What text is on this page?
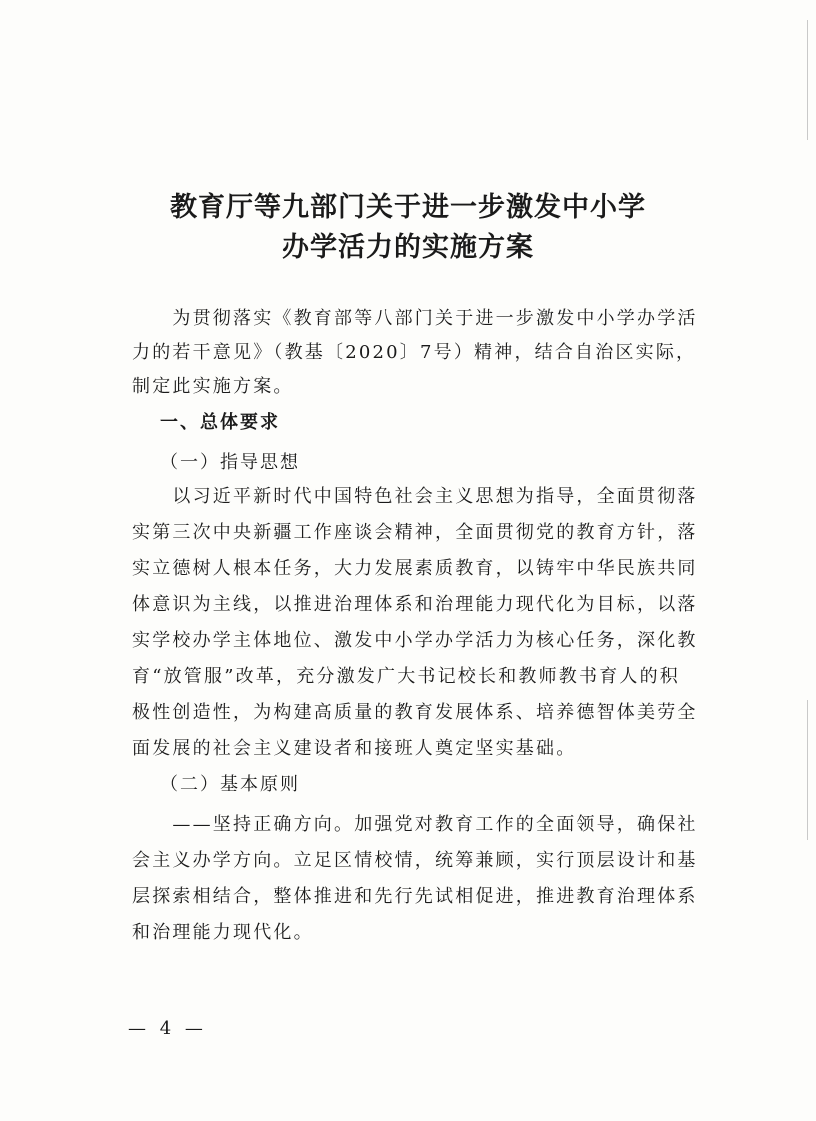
教育厅等九部门关于进一步激发中小学
办学活力的实施方案
　　为贯彻落实《教育部等八部门关于进一步激发中小学办学活
力的若干意见》（教基〔2020〕7号）精神，结合自治区实际，
制定此实施方案。
一、总体要求
（一）指导思想
　　以习近平新时代中国特色社会主义思想为指导，全面贯彻落
实第三次中央新疆工作座谈会精神，全面贯彻党的教育方针，落
实立德树人根本任务，大力发展素质教育，以铸牢中华民族共同
体意识为主线，以推进治理体系和治理能力现代化为目标，以落
实学校办学主体地位、激发中小学办学活力为核心任务，深化教
育“放管服”改革，充分激发广大书记校长和教师教书育人的积
极性创造性，为构建高质量的教育发展体系、培养德智体美劳全
面发展的社会主义建设者和接班人奠定坚实基础。
（二）基本原则
　　——坚持正确方向。加强党对教育工作的全面领导，确保社
会主义办学方向。立足区情校情，统筹兼顾，实行顶层设计和基
层探索相结合，整体推进和先行先试相促进，推进教育治理体系
和治理能力现代化。
— 4 —
